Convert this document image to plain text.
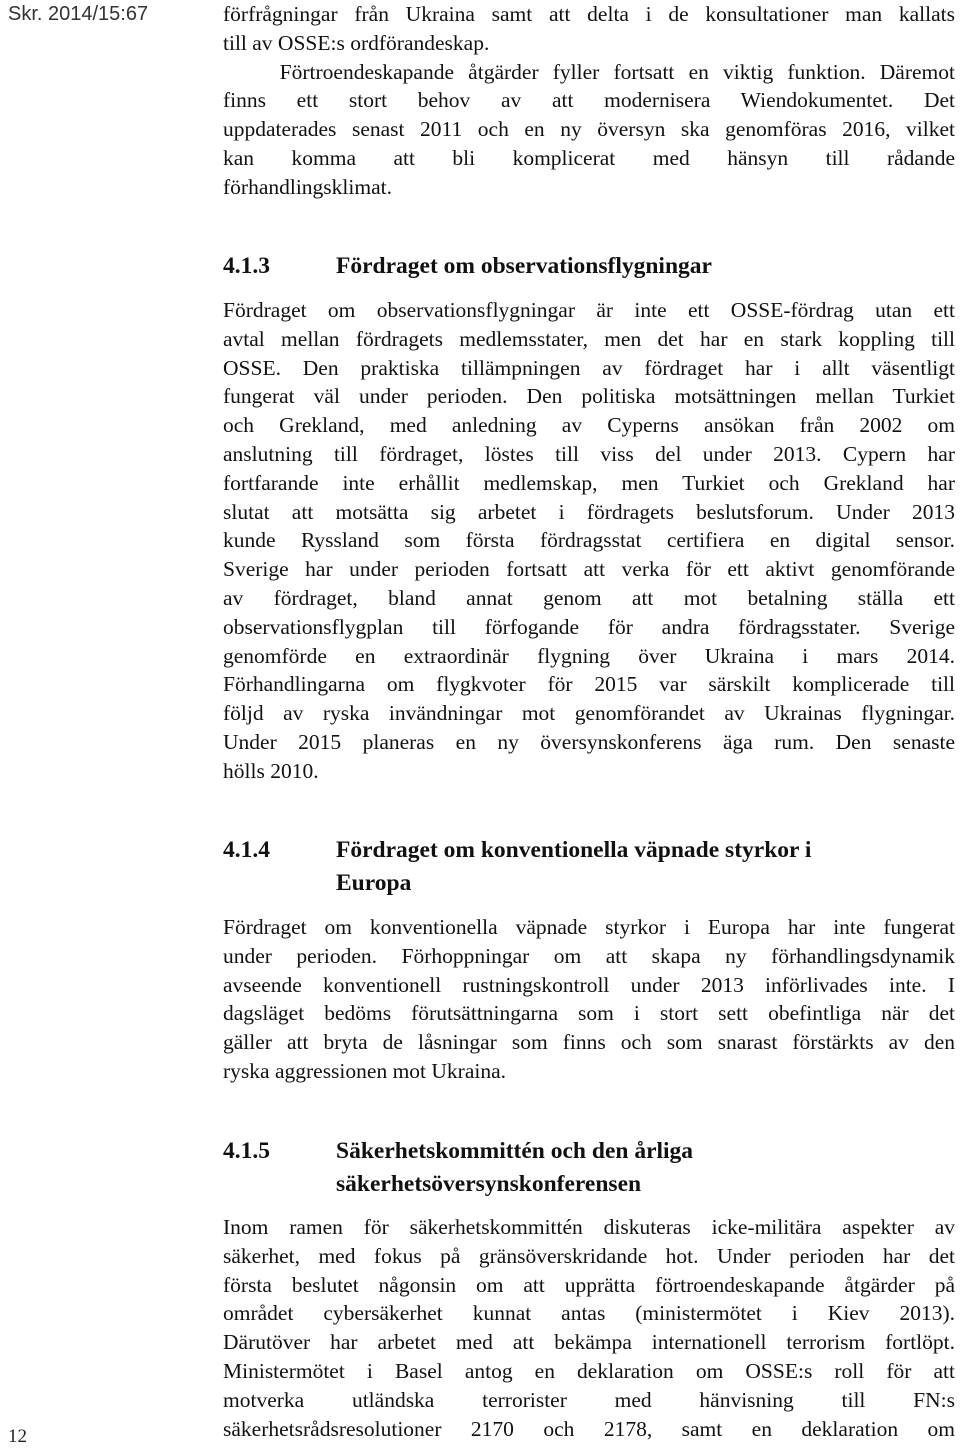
Skr. 2014/15:67	förfrågningar från Ukraina samt att delta i de konsultationer man kallats
till av OSSE:s ordförandeskap.
Förtroendeskapande åtgärder fyller fortsatt en viktig funktion. Däremot
finns ett stort behov av att modernisera Wiendokumentet. Det
uppdaterades senast 2011 och en ny översyn ska genomföras 2016, vilket
kan komma att bli komplicerat med hänsyn till rådande
förhandlingsklimat.
4.1.3	Fördraget om observationsflygningar
Fördraget om observationsflygningar är inte ett OSSE-fördrag utan ett
avtal mellan fördragets medlemsstater, men det har en stark koppling till
OSSE. Den praktiska tillämpningen av fördraget har i allt väsentligt
fungerat väl under perioden. Den politiska motsättningen mellan Turkiet
och Grekland, med anledning av Cyperns ansökan från 2002 om
anslutning till fördraget, löstes till viss del under 2013. Cypern har
fortfarande inte erhållit medlemskap, men Turkiet och Grekland har
slutat att motsätta sig arbetet i fördragets beslutsforum. Under 2013
kunde Ryssland som första fördragsstat certifiera en digital sensor.
Sverige har under perioden fortsatt att verka för ett aktivt genomförande
av fördraget, bland annat genom att mot betalning ställa ett
observationsflygplan till förfogande för andra fördragsstater. Sverige
genomförde en extraordinär flygning över Ukraina i mars 2014.
Förhandlingarna om flygkvoter för 2015 var särskilt komplicerade till
följd av ryska invändningar mot genomförandet av Ukrainas flygningar.
Under 2015 planeras en ny översynskonferens äga rum. Den senaste
hölls 2010.
4.1.4	Fördraget om konventionella väpnade styrkor i
Europa
Fördraget om konventionella väpnade styrkor i Europa har inte fungerat
under perioden. Förhoppningar om att skapa ny förhandlingsdynamik
avseende konventionell rustningskontroll under 2013 införlivades inte. I
dagsläget bedöms förutsättningarna som i stort sett obefintliga när det
gäller att bryta de låsningar som finns och som snarast förstärkts av den
ryska aggressionen mot Ukraina.
4.1.5	Säkerhetskommittén och den årliga
säkerhetsöversynskonferensen
Inom ramen för säkerhetskommittén diskuteras icke-militära aspekter av
säkerhet, med fokus på gränsöverskridande hot. Under perioden har det
första beslutet någonsin om att upprätta förtroendeskapande åtgärder på
området cybersäkerhet kunnat antas (ministermötet i Kiev 2013).
Därutöver har arbetet med att bekämpa internationell terrorism fortlöpt.
Ministermötet i Basel antog en deklaration om OSSE:s roll för att
motverka utländska terrorister med hänvisning till FN:s
säkerhetsrådsresolutioner 2170 och 2178, samt en deklaration om
12
